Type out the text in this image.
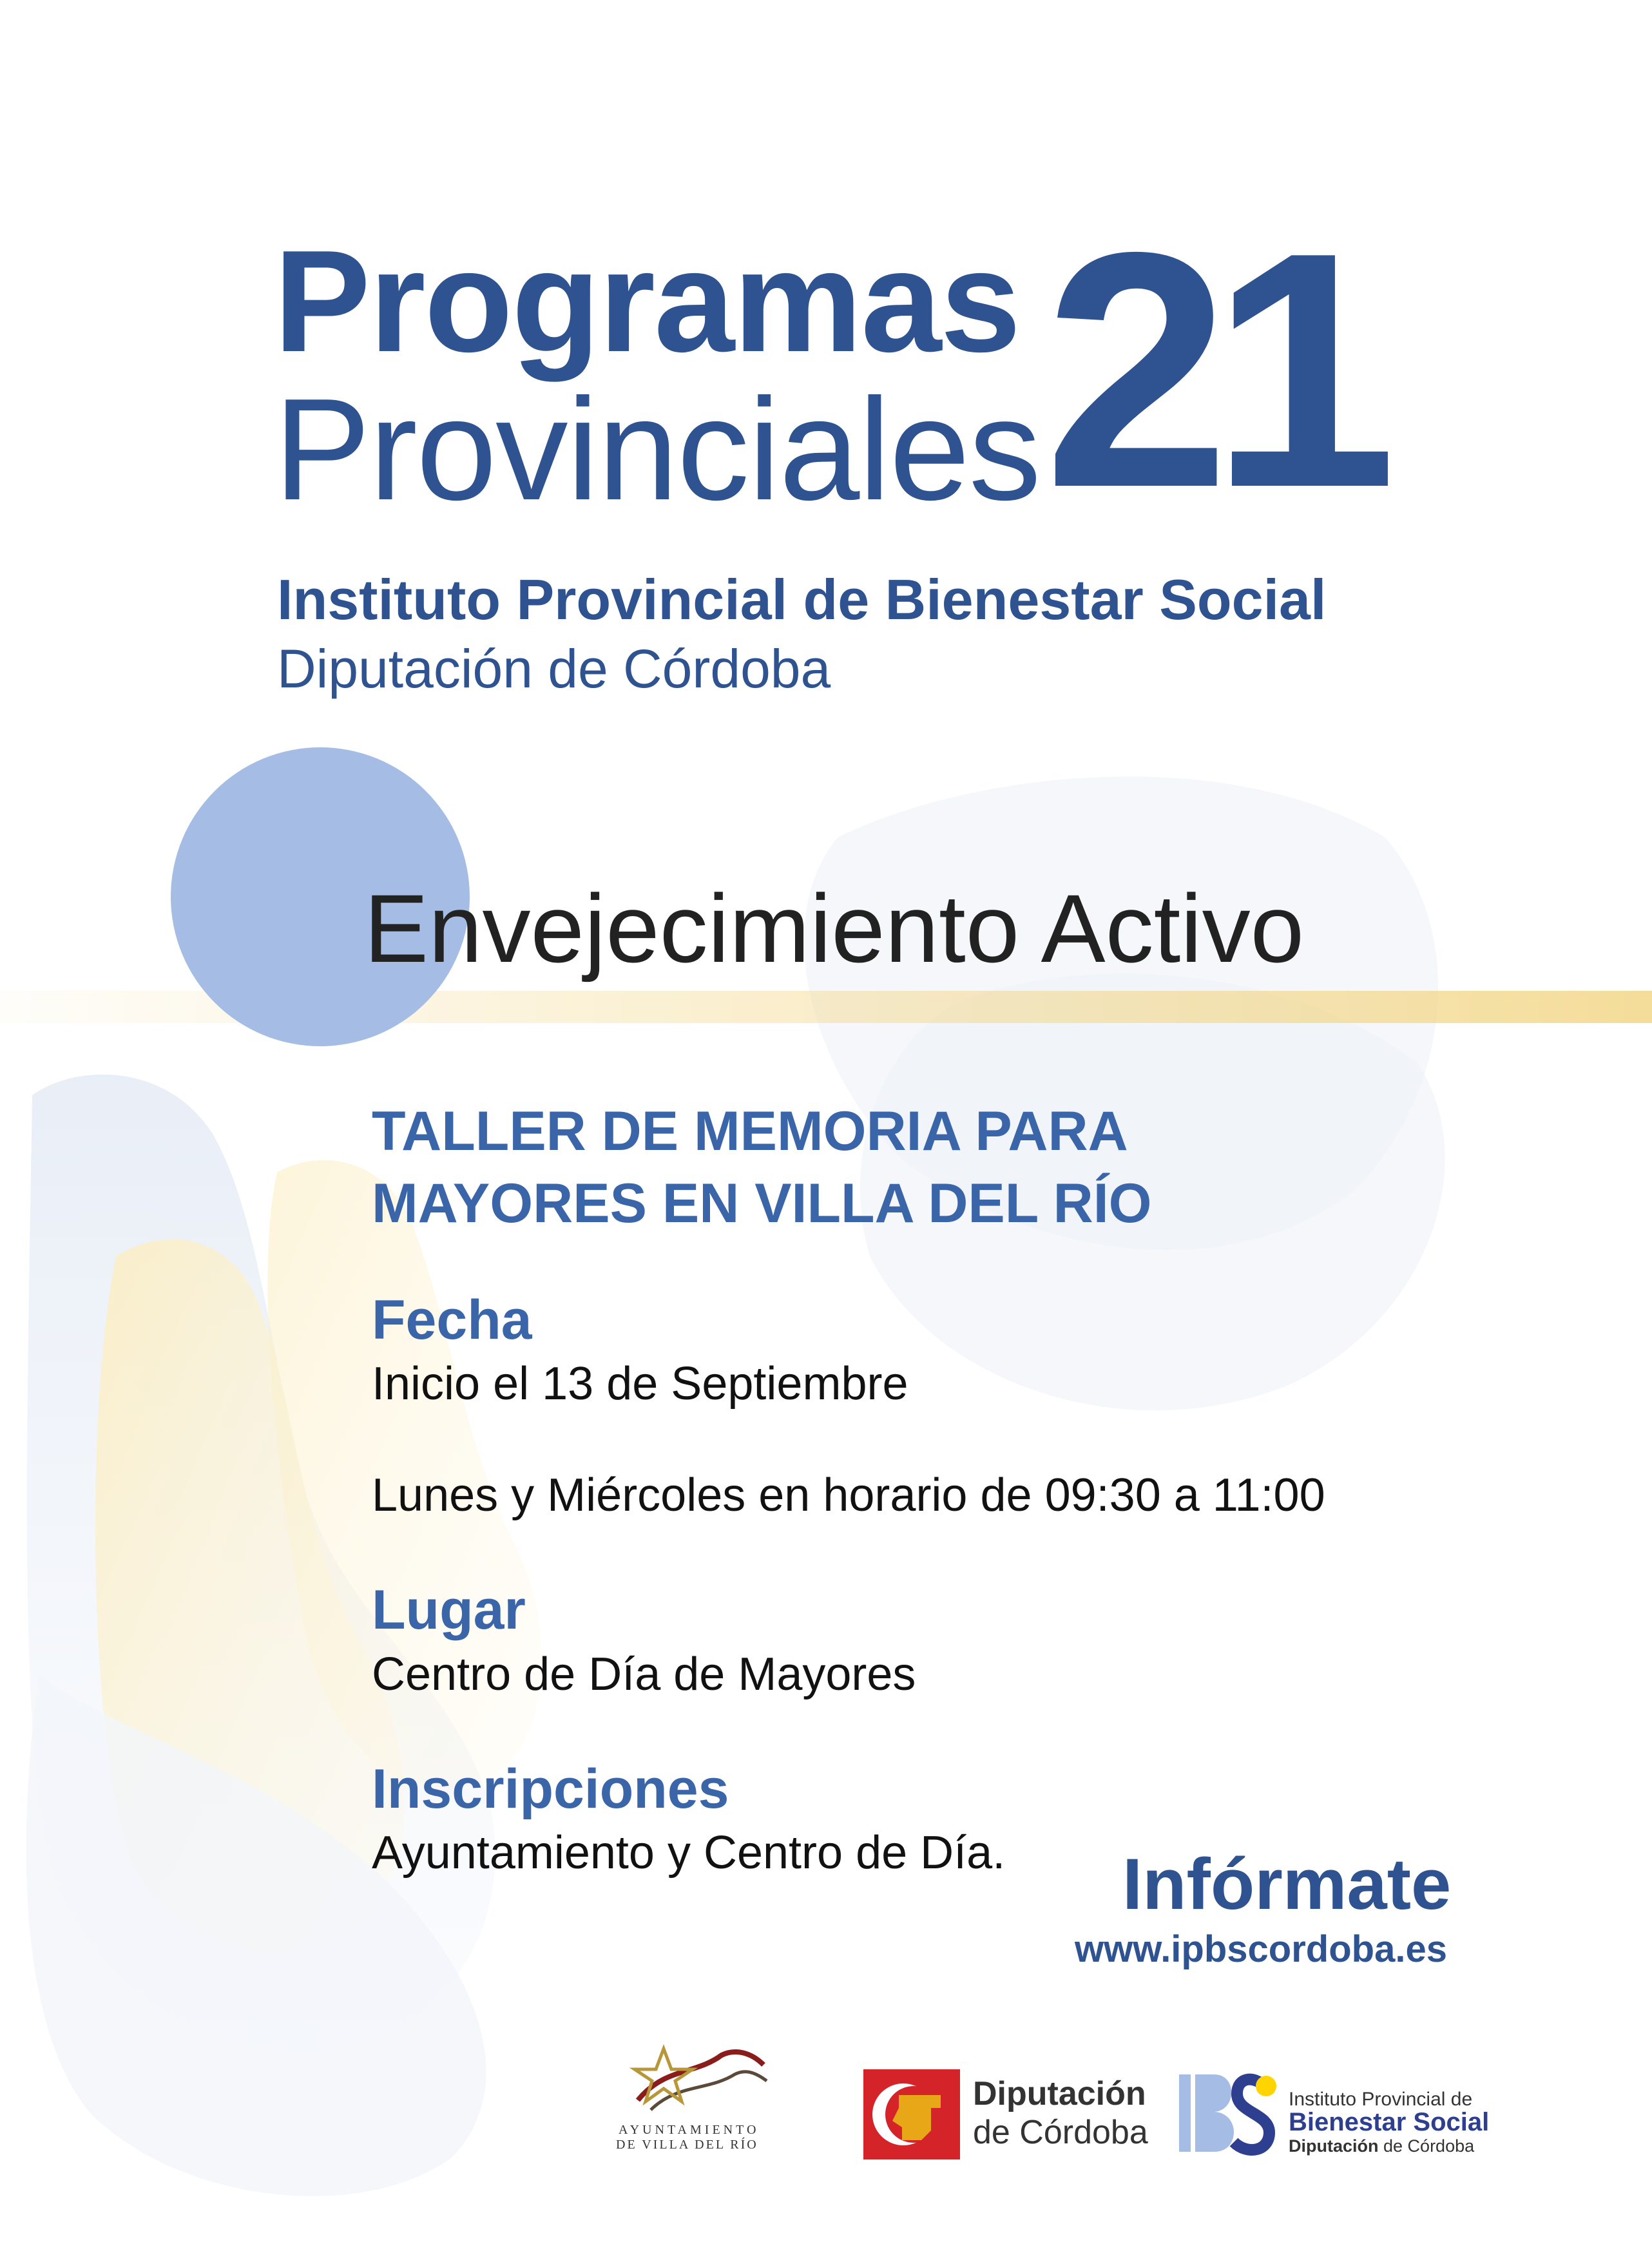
Programas
Provinciales 21
Instituto Provincial de Bienestar Social
Diputación de Córdoba
Envejecimiento Activo
TALLER DE MEMORIA PARA
MAYORES EN VILLA DEL RÍO
Fecha
Inicio el 13 de Septiembre
Lunes y Miércoles en horario de 09:30 a 11:00
Lugar
Centro de Día de Mayores
Inscripciones
Ayuntamiento y Centro de Día. Infórmate
www.ipbscordoba.es
AYUNTAMIENTO
DE VILLA DEL RÍO
Diputación
de Córdoba
Instituto Provincial de
Bienestar Social
Diputación de Córdoba
